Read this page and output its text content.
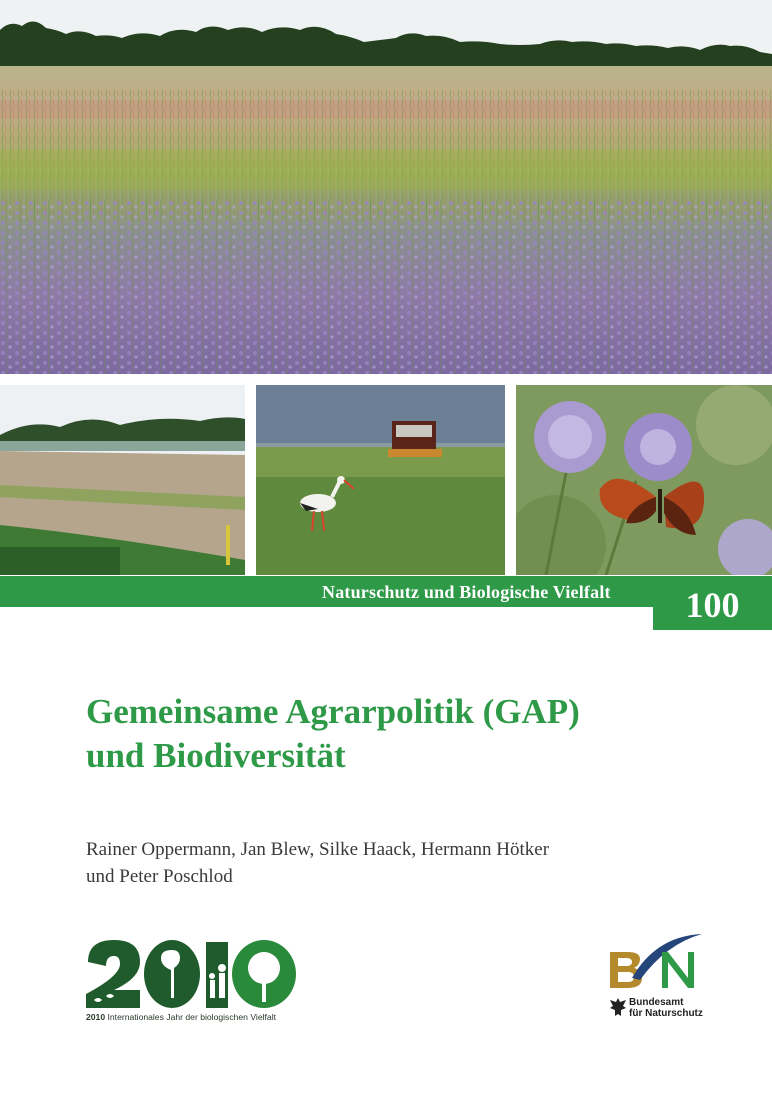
Naturschutz und Biologische Vielfalt	100
Gemeinsame Agrarpolitik (GAP)
und Biodiversität
Rainer Oppermann, Jan Blew, Silke Haack, Hermann Hötker
und Peter Poschlod
2010 Internationales Jahr der biologischen Vielfalt
Bundesamt
für Naturschutz
